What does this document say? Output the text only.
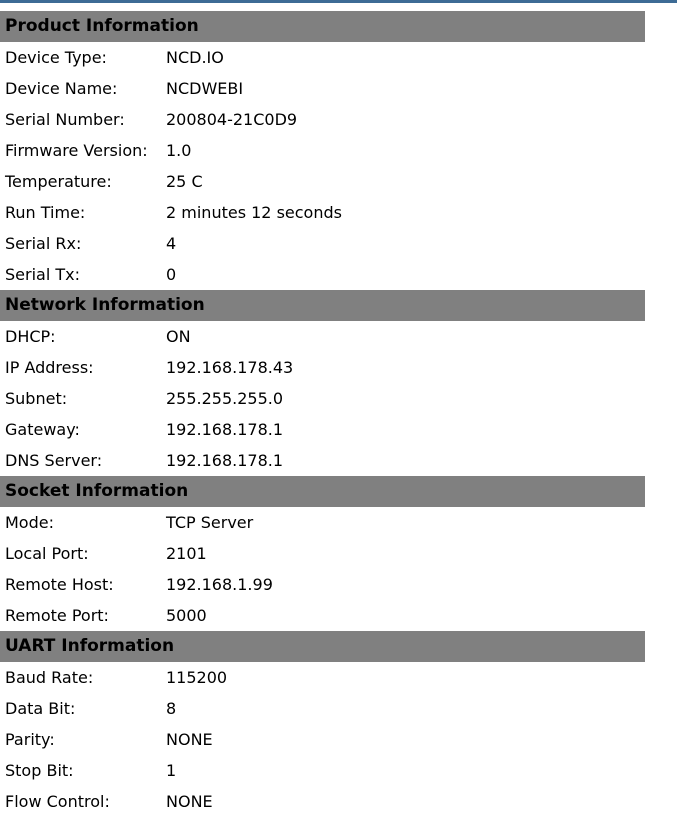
Product Information	
Device Type:	NCD.IO
Device Name:	NCDWEBI
Serial Number:	200804-21C0D9
Firmware Version:	1.0
Temperature:	25 C
Run Time:	2 minutes 12 seconds
Serial Rx:	4
Serial Tx:	0
Network Information	
DHCP:	ON
IP Address:	192.168.178.43
Subnet:	255.255.255.0
Gateway:	192.168.178.1
DNS Server:	192.168.178.1
Socket Information	
Mode:	TCP Server
Local Port:	2101
Remote Host:	192.168.1.99
Remote Port:	5000
UART Information	
Baud Rate:	115200
Data Bit:	8
Parity:	NONE
Stop Bit:	1
Flow Control:	NONE
